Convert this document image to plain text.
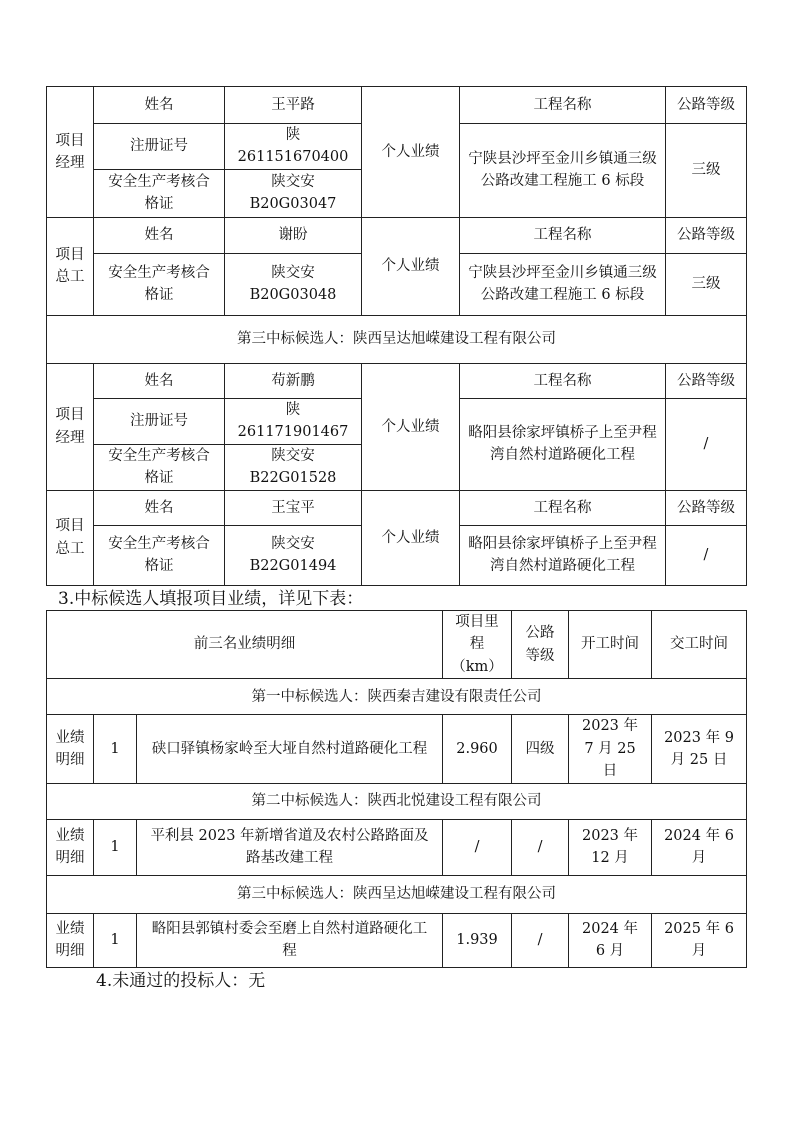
项目经理	姓名	王平路	个人业绩	工程名称	公路等级
	注册证号	陕 261151670400		宁陕县沙坪至金川乡镇通三级公路改建工程施工 6 标段	三级
	安全生产考核合格证	陕交安 B20G03047			
项目总工	姓名	谢盼	个人业绩	工程名称	公路等级
	安全生产考核合格证	陕交安 B20G03048		宁陕县沙坪至金川乡镇通三级公路改建工程施工 6 标段	三级
第三中标候选人：陕西呈达旭嵘建设工程有限公司					
项目经理	姓名	苟新鹏	个人业绩	工程名称	公路等级
	注册证号	陕 261171901467		略阳县徐家坪镇桥子上至尹程湾自然村道路硬化工程	/
	安全生产考核合格证	陕交安 B22G01528			
项目总工	姓名	王宝平	个人业绩	工程名称	公路等级
	安全生产考核合格证	陕交安 B22G01494		略阳县徐家坪镇桥子上至尹程湾自然村道路硬化工程	/
3.中标候选人填报项目业绩，详见下表：
前三名业绩明细			项目里程（km）	公路等级	开工时间	交工时间
第一中标候选人：陕西秦吉建设有限责任公司						
业绩明细	1	硖口驿镇杨家岭至大垭自然村道路硬化工程	2.960	四级	2023 年 7 月 25 日	2023 年 9 月 25 日
第二中标候选人：陕西北悦建设工程有限公司						
业绩明细	1	平利县 2023 年新增省道及农村公路路面及路基改建工程	/	/	2023 年 12 月	2024 年 6 月
第三中标候选人：陕西呈达旭嵘建设工程有限公司						
业绩明细	1	略阳县郭镇村委会至磨上自然村道路硬化工程	1.939	/	2024 年 6 月	2025 年 6 月
4.未通过的投标人：无
